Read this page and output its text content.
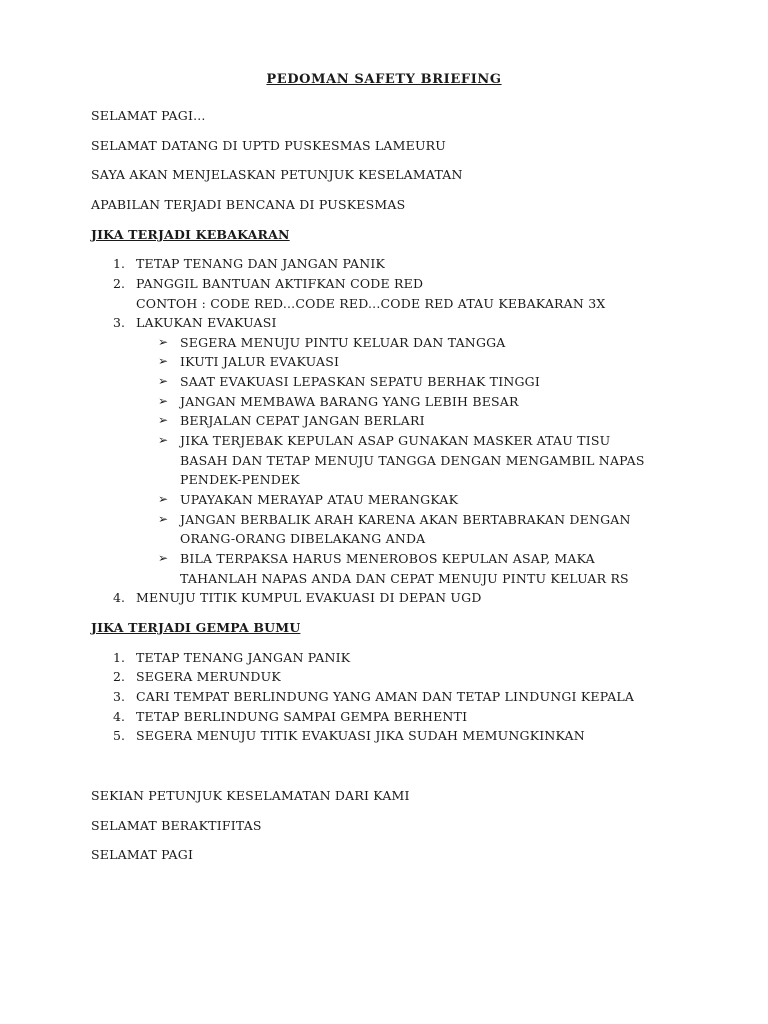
PEDOMAN SAFETY BRIEFING
SELAMAT PAGI...
SELAMAT DATANG DI UPTD PUSKESMAS LAMEURU
SAYA AKAN MENJELASKAN PETUNJUK KESELAMATAN
APABILAN TERJADI BENCANA DI PUSKESMAS
JIKA TERJADI KEBAKARAN
1. TETAP TENANG DAN JANGAN PANIK
2. PANGGIL BANTUAN AKTIFKAN CODE RED
CONTOH : CODE RED...CODE RED...CODE RED ATAU KEBAKARAN 3X
3. LAKUKAN EVAKUASI
➢ SEGERA MENUJU PINTU KELUAR DAN TANGGA
➢ IKUTI JALUR EVAKUASI
➢ SAAT EVAKUASI LEPASKAN SEPATU BERHAK TINGGI
➢ JANGAN MEMBAWA BARANG YANG LEBIH BESAR
➢ BERJALAN CEPAT JANGAN BERLARI
➢ JIKA TERJEBAK KEPULAN ASAP GUNAKAN MASKER ATAU TISU
BASAH DAN TETAP MENUJU TANGGA DENGAN MENGAMBIL NAPAS
PENDEK-PENDEK
➢ UPAYAKAN MERAYAP ATAU MERANGKAK
➢ JANGAN BERBALIK ARAH KARENA AKAN BERTABRAKAN DENGAN
ORANG-ORANG DIBELAKANG ANDA
➢ BILA TERPAKSA HARUS MENEROBOS KEPULAN ASAP, MAKA
TAHANLAH NAPAS ANDA DAN CEPAT MENUJU PINTU KELUAR RS
4. MENUJU TITIK KUMPUL EVAKUASI DI DEPAN UGD
JIKA TERJADI GEMPA BUMU
1. TETAP TENANG JANGAN PANIK
2. SEGERA MERUNDUK
3. CARI TEMPAT BERLINDUNG YANG AMAN DAN TETAP LINDUNGI KEPALA
4. TETAP BERLINDUNG SAMPAI GEMPA BERHENTI
5. SEGERA MENUJU TITIK EVAKUASI JIKA SUDAH MEMUNGKINKAN
SEKIAN PETUNJUK KESELAMATAN DARI KAMI
SELAMAT BERAKTIFITAS
SELAMAT PAGI
